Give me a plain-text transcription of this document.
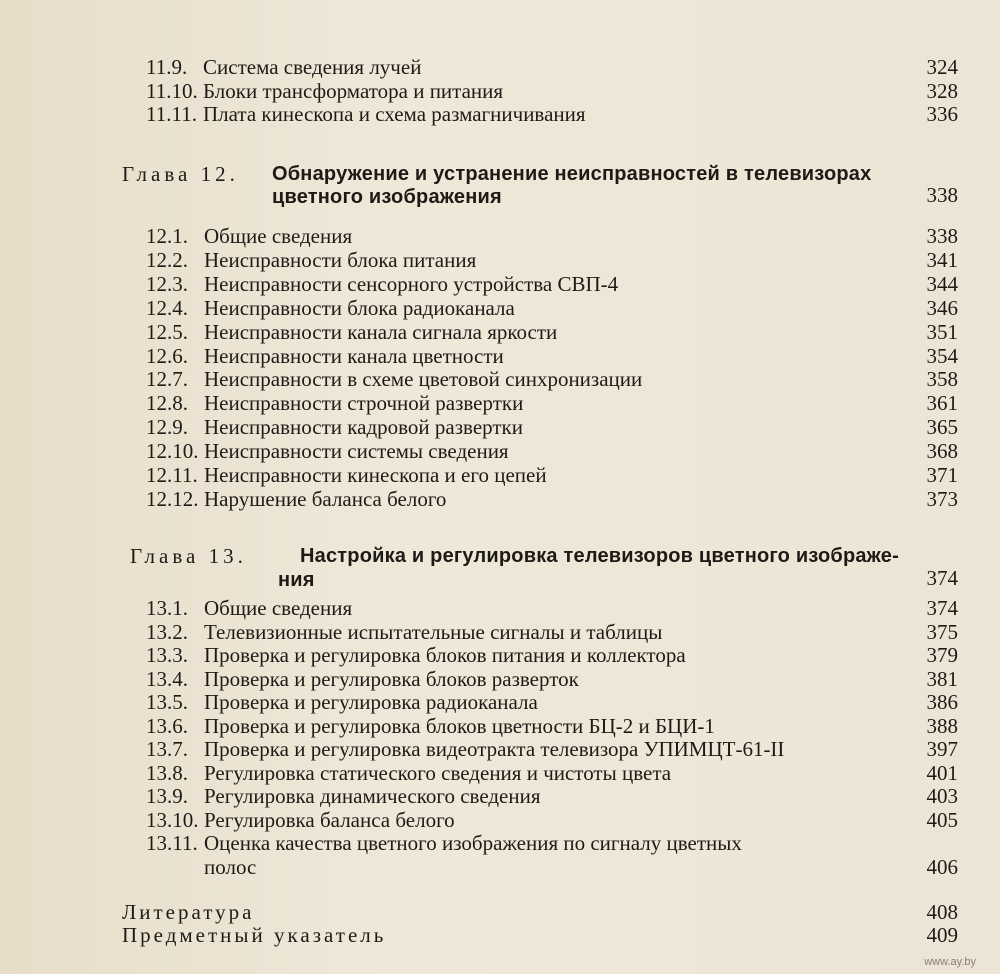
11.9. Система сведения лучей	324
11.10. Блоки трансформатора и питания	328
11.11. Плата кинескопа и схема размагничивания	336
Глава 12. Обнаружение и устранение неисправностей в телевизорах
цветного изображения	338
12.1. Общие сведения	338
12.2. Неисправности блока питания	341
12.3. Неисправности сенсорного устройства СВП-4	344
12.4. Неисправности блока радиоканала	346
12.5. Неисправности канала сигнала яркости	351
12.6. Неисправности канала цветности	354
12.7. Неисправности в схеме цветовой синхронизации	358
12.8. Неисправности строчной развертки	361
12.9. Неисправности кадровой развертки	365
12.10. Неисправности системы сведения	368
12.11. Неисправности кинескопа и его цепей	371
12.12. Нарушение баланса белого	373
Глава 13.	Настройка и регулировка телевизоров цветного изображе-
ния	374
13.1. Общие сведения	374
13.2. Телевизионные испытательные сигналы и таблицы	375
13.3. Проверка и регулировка блоков питания и коллектора	379
13.4. Проверка и регулировка блоков разверток	381
13.5. Проверка и регулировка радиоканала	386
13.6. Проверка и регулировка блоков цветности БЦ-2 и БЦИ-1	388
13.7. Проверка и регулировка видеотракта телевизора УПИМЦТ-61-II	397
13.8. Регулировка статического сведения и чистоты цвета	401
13.9. Регулировка динамического сведения	403
13.10. Регулировка баланса белого	405
13.11. Оценка качества цветного изображения по сигналу цветных
полос	406
Литература	408
Предметный указатель	409
www.ay.by
